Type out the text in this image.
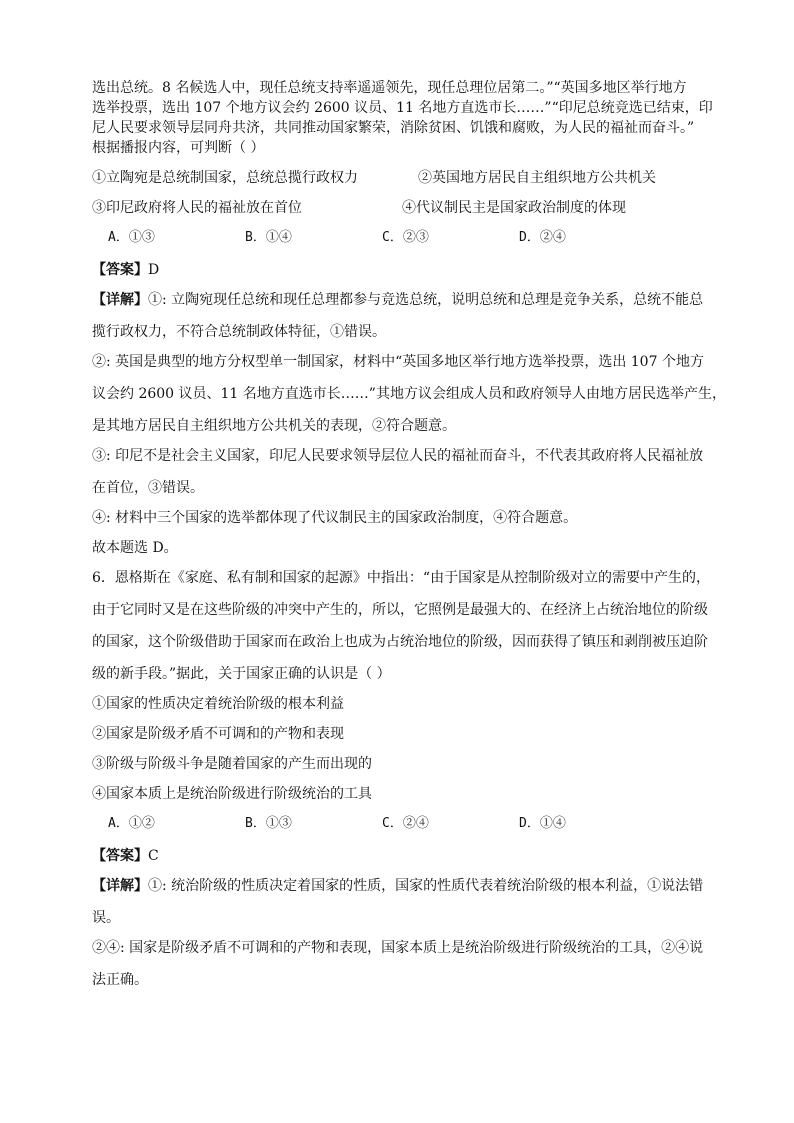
选出总统。8 名候选人中，现任总统支持率遥遥领先，现任总理位居第二。”“英国多地区举行地方

选举投票，选出 107 个地方议会约 2600 议员、11 名地方直选市长……”“印尼总统竞选已结束，印

尼人民要求领导层同舟共济，共同推动国家繁荣，消除贫困、饥饿和腐败，为人民的福祉而奋斗。”

根据播报内容，可判断（ ）

①立陶宛是总统制国家，总统总揽行政权力	②英国地方居民自主组织地方公共机关
③印尼政府将人民的福祉放在首位	④代议制民主是国家政治制度的体现
A．①③	B．①④	C．②③	D．②④

【答案】D

【详解】①: 立陶宛现任总统和现任总理都参与竞选总统，说明总统和总理是竞争关系，总统不能总

揽行政权力，不符合总统制政体特征，①错误。

②: 英国是典型的地方分权型单一制国家，材料中“英国多地区举行地方选举投票，选出 107 个地方

议会约 2600 议员、11 名地方直选市长……”其地方议会组成人员和政府领导人由地方居民选举产生，

是其地方居民自主组织地方公共机关的表现，②符合题意。

③: 印尼不是社会主义国家，印尼人民要求领导层位人民的福祉而奋斗，不代表其政府将人民福祉放

在首位，③错误。

④: 材料中三个国家的选举都体现了代议制民主的国家政治制度，④符合题意。

故本题选 D。

6．恩格斯在《家庭、私有制和国家的起源》中指出：“由于国家是从控制阶级对立的需要中产生的，

由于它同时又是在这些阶级的冲突中产生的，所以，它照例是最强大的、在经济上占统治地位的阶级

的国家，这个阶级借助于国家而在政治上也成为占统治地位的阶级，因而获得了镇压和剥削被压迫阶

级的新手段。”据此，关于国家正确的认识是（ ）

①国家的性质决定着统治阶级的根本利益

②国家是阶级矛盾不可调和的产物和表现

③阶级与阶级斗争是随着国家的产生而出现的

④国家本质上是统治阶级进行阶级统治的工具

A．①②	B．①③	C．②④	D．①④

【答案】C

【详解】①: 统治阶级的性质决定着国家的性质，国家的性质代表着统治阶级的根本利益，①说法错

误。

②④: 国家是阶级矛盾不可调和的产物和表现，国家本质上是统治阶级进行阶级统治的工具，②④说

法正确。
